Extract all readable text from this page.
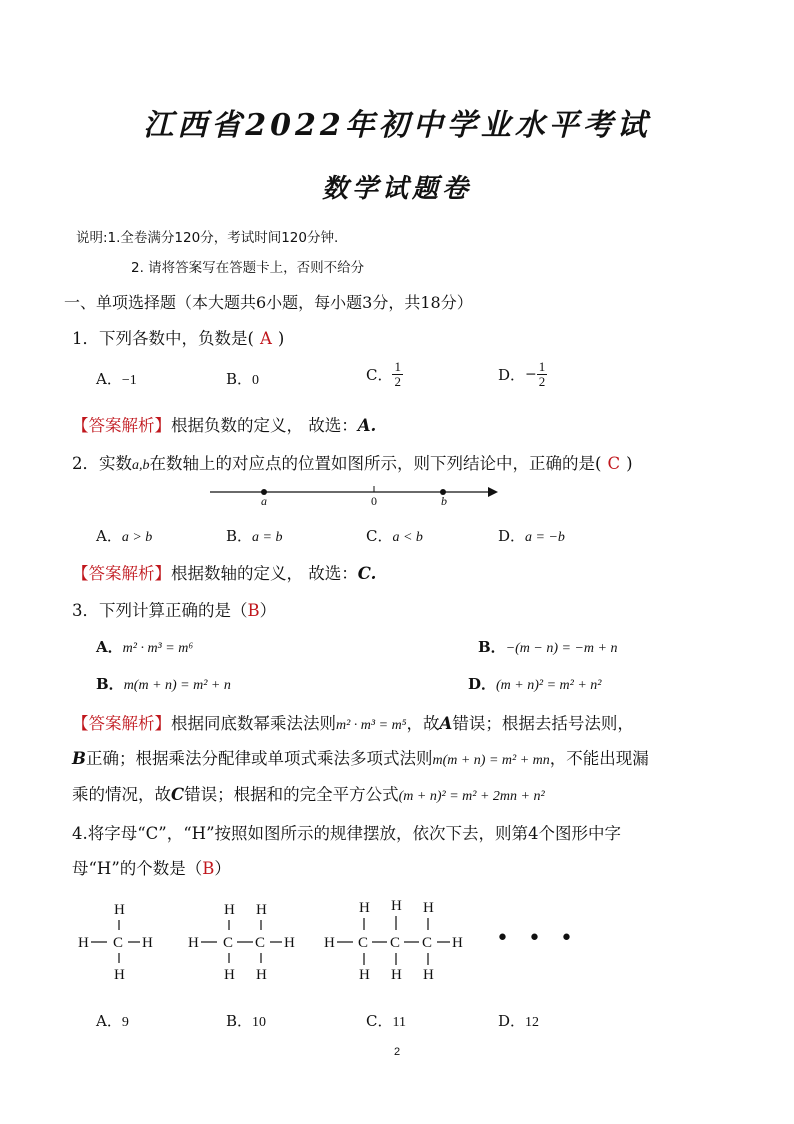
江西省2022年初中学业水平考试
数学试题卷
说明:1.全卷满分120分，考试时间120分钟.
2. 请将答案写在答题卡上，否则不给分
一、单项选择题（本大题共6小题，每小题3分，共18分）
1．下列各数中，负数是( A )
A．−1	B．0	C． $\frac{1}{2}$	D．− $\frac{1}{2}$
【答案解析】根据负数的定义， 故选：A.
2．实数a,b在数轴上的对应点的位置如图所示，则下列结论中，正确的是( C )
a	0	b
A．a > b	B．a = b	C．a < b	D．a = −b
【答案解析】根据数轴的定义， 故选：C.
3．下列计算正确的是（B）
A．m² · m³ = m⁶	B．−(m − n) = −m + n
B．m(m + n) = m² + n	D．(m + n)² = m² + n²
【答案解析】根据同底数幂乘法法则m² · m³ = m⁵，故A错误；根据去括号法则，
B正确；根据乘法分配律或单项式乘法多项式法则m(m + n) = m² + mn，不能出现漏
乘的情况，故C错误；根据和的完全平方公式(m + n)² = m² + 2mn + n²
4.将字母“C”，“H”按照如图所示的规律摆放，依次下去，则第4个图形中字
母“H”的个数是（B）
H
H C H
H
H H
H C C H
H H
H H H
H C C C H
H H H
• • •
A．9	B．10	C．11	D．12
2
